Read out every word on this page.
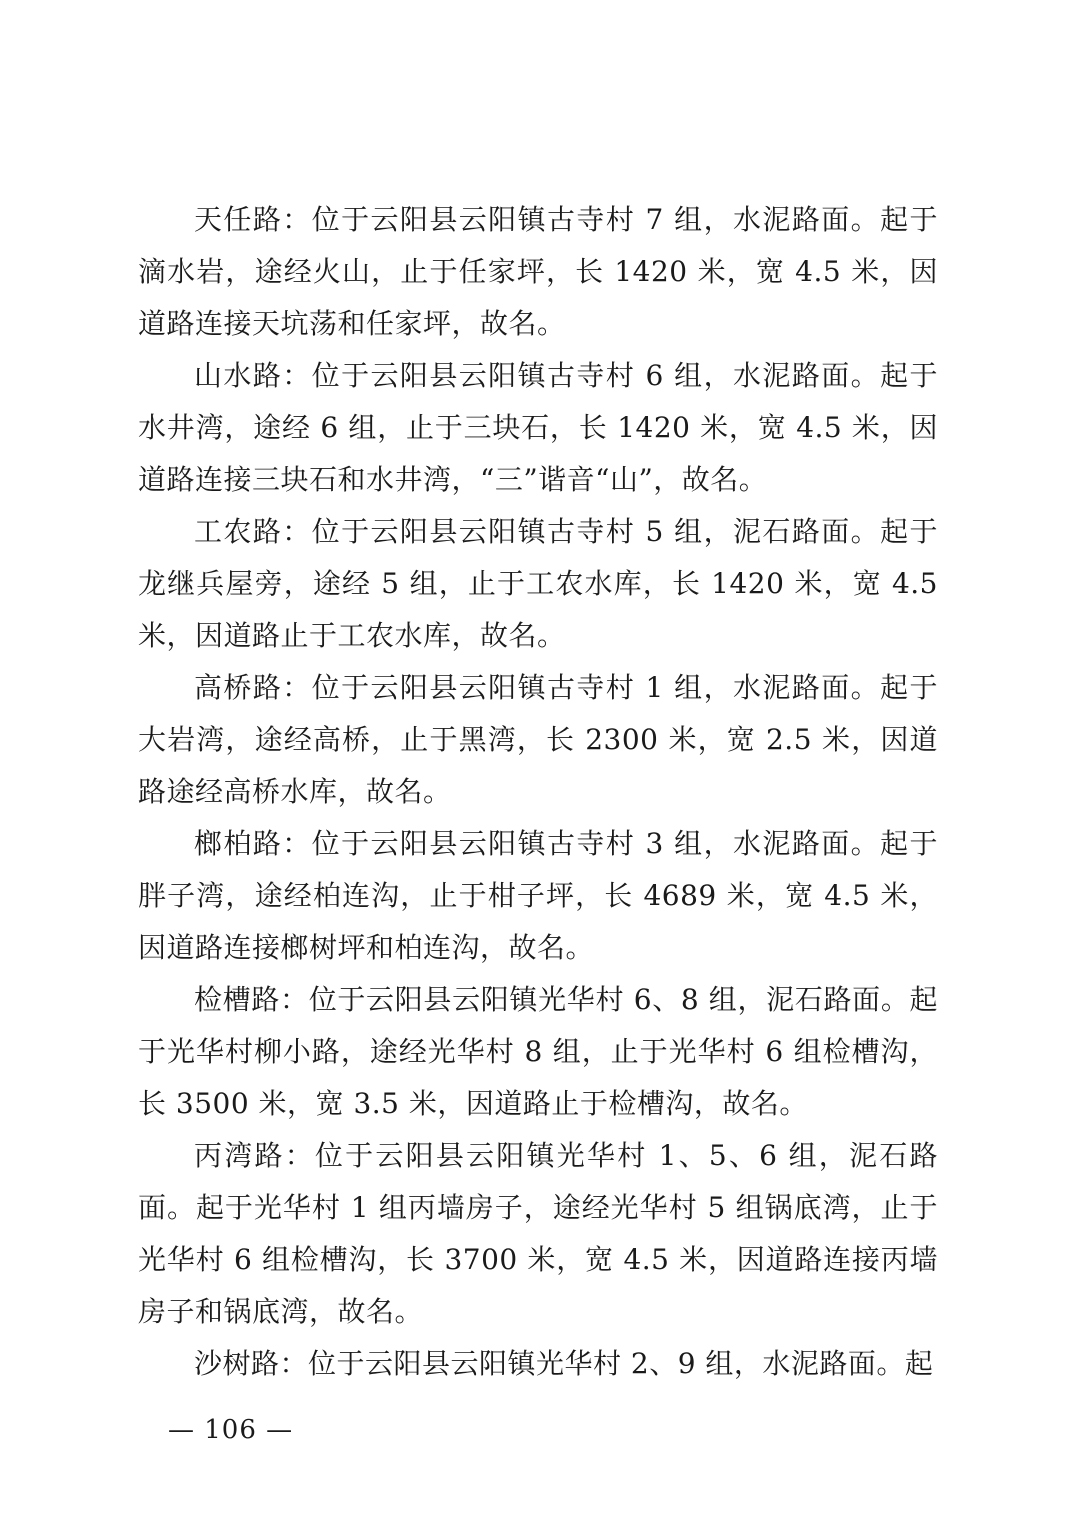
天任路：位于云阳县云阳镇古寺村 7 组，水泥路面。起于滴水岩，途经火山，止于任家坪，长 1420 米，宽 4.5 米，因道路连接天坑荡和任家坪，故名。

山水路：位于云阳县云阳镇古寺村 6 组，水泥路面。起于水井湾，途经 6 组，止于三块石，长 1420 米，宽 4.5 米，因道路连接三块石和水井湾，“三”谐音“山”，故名。

工农路：位于云阳县云阳镇古寺村 5 组，泥石路面。起于龙继兵屋旁，途经 5 组，止于工农水库，长 1420 米，宽 4.5 米，因道路止于工农水库，故名。

高桥路：位于云阳县云阳镇古寺村 1 组，水泥路面。起于大岩湾，途经高桥，止于黑湾，长 2300 米，宽 2.5 米，因道路途经高桥水库，故名。

榔柏路：位于云阳县云阳镇古寺村 3 组，水泥路面。起于胖子湾，途经柏连沟，止于柑子坪，长 4689 米，宽 4.5 米，因道路连接榔树坪和柏连沟，故名。

检槽路：位于云阳县云阳镇光华村 6、8 组，泥石路面。起于光华村柳小路，途经光华村 8 组，止于光华村 6 组检槽沟，长 3500 米，宽 3.5 米，因道路止于检槽沟，故名。

丙湾路：位于云阳县云阳镇光华村 1、5、6 组，泥石路面。起于光华村 1 组丙墙房子，途经光华村 5 组锅底湾，止于光华村 6 组检槽沟，长 3700 米，宽 4.5 米，因道路连接丙墙房子和锅底湾，故名。

沙树路：位于云阳县云阳镇光华村 2、9 组，水泥路面。起

— 106 —
